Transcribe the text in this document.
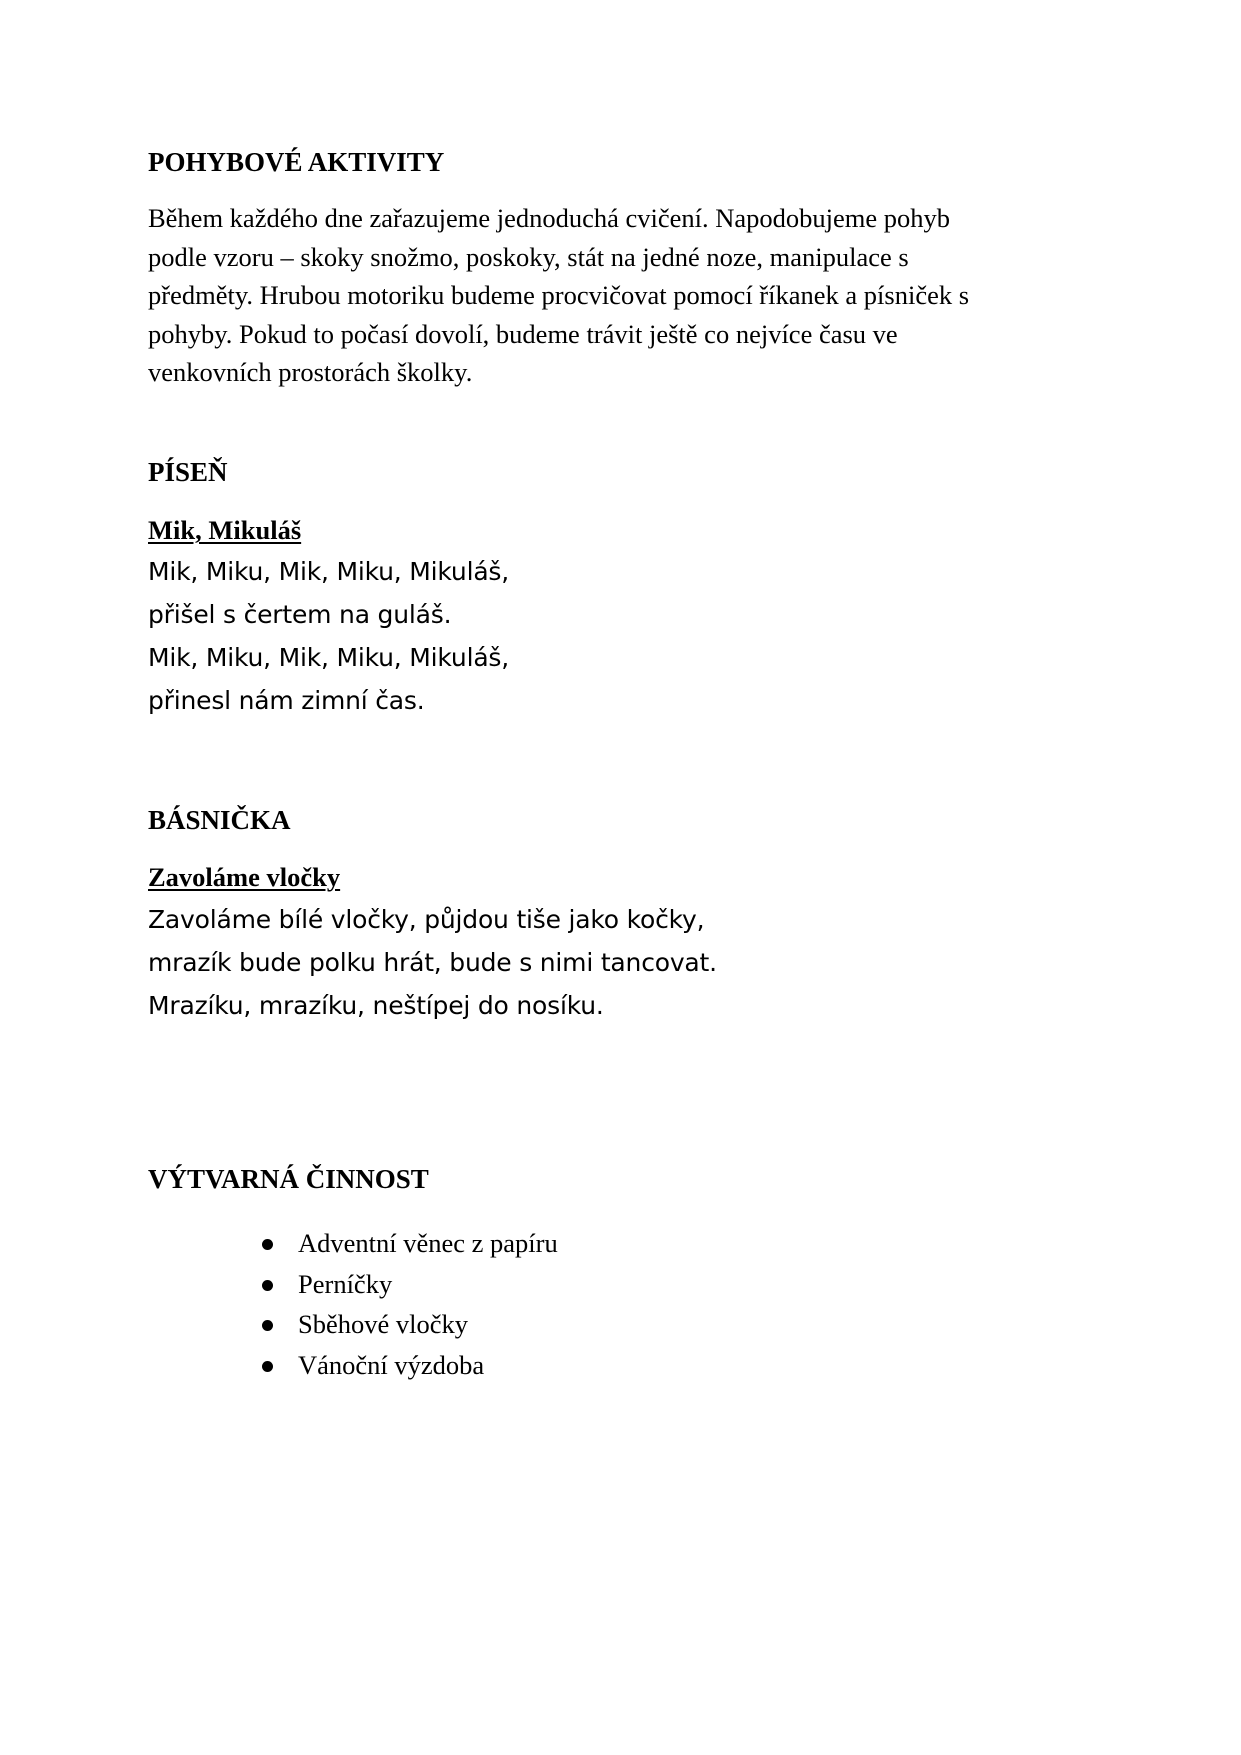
POHYBOVÉ AKTIVITY
Během každého dne zařazujeme jednoduchá cvičení. Napodobujeme pohyb
podle vzoru – skoky snožmo, poskoky, stát na jedné noze, manipulace s
předměty. Hrubou motoriku budeme procvičovat pomocí říkanek a písniček s
pohyby. Pokud to počasí dovolí, budeme trávit ještě co nejvíce času ve
venkovních prostorách školky.
PÍSEŇ
Mik, Mikuláš
Mik, Miku, Mik, Miku, Mikuláš,
přišel s čertem na guláš.
Mik, Miku, Mik, Miku, Mikuláš,
přinesl nám zimní čas.
BÁSNIČKA
Zavoláme vločky
Zavoláme bílé vločky, půjdou tiše jako kočky,
mrazík bude polku hrát, bude s nimi tancovat.
Mrazíku, mrazíku, neštípej do nosíku.
VÝTVARNÁ ČINNOST
Adventní věnec z papíru
Perníčky
Sběhové vločky
Vánoční výzdoba
